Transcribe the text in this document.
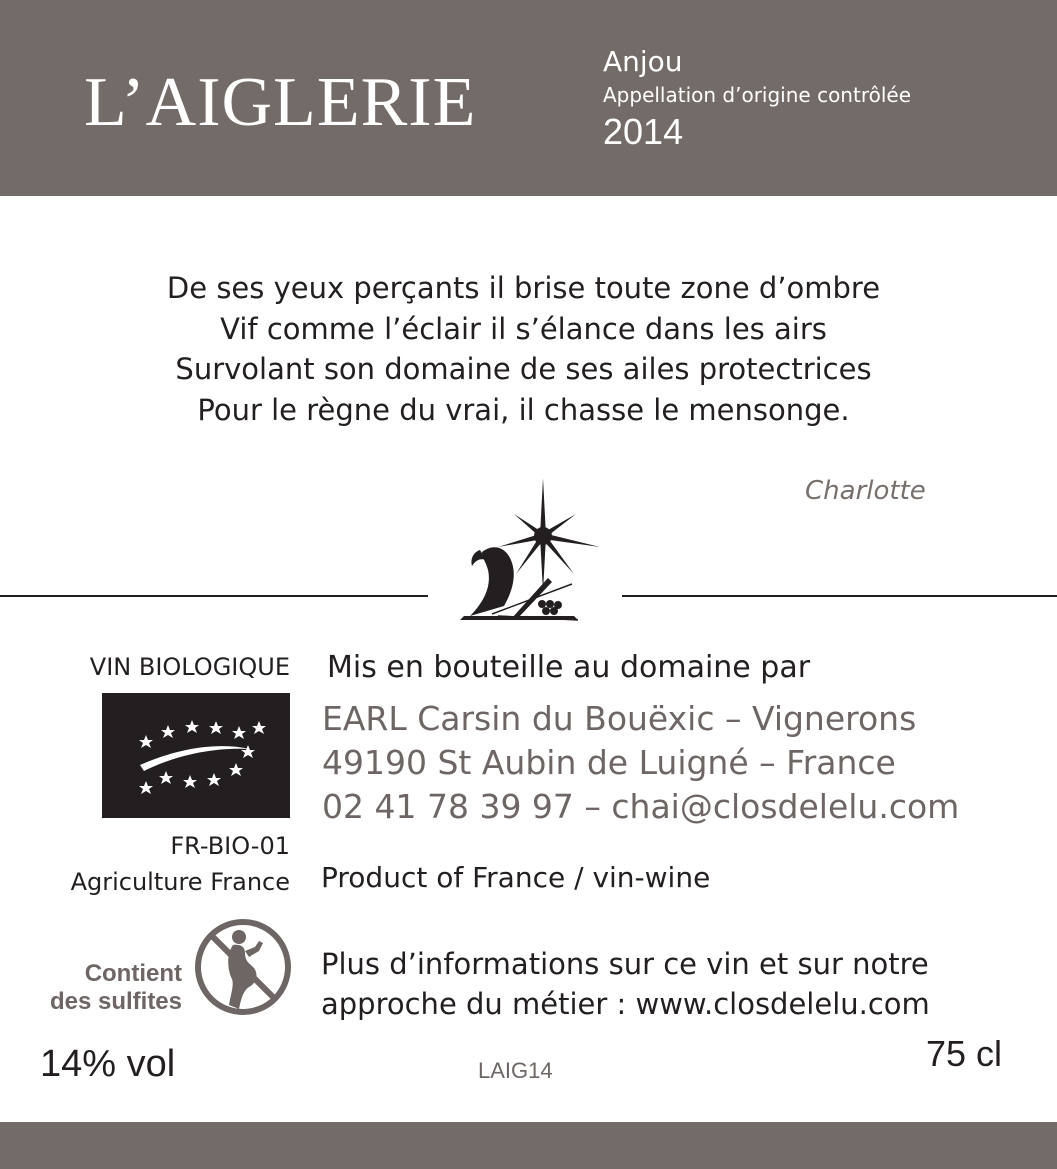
L’AIGLERIE
Anjou
Appellation d’origine contrôlée
2014
De ses yeux perçants il brise toute zone d’ombre
Vif comme l’éclair il s’élance dans les airs
Survolant son domaine de ses ailes protectrices
Pour le règne du vrai, il chasse le mensonge.
Charlotte
VIN BIOLOGIQUE
FR-BIO-01
Agriculture France
Contient
des sulfites
14% vol	LAIG14	75 cl
Mis en bouteille au domaine par
EARL Carsin du Bouëxic – Vignerons
49190 St Aubin de Luigné – France
02 41 78 39 97 – chai@closdelelu.com
Product of France / vin-wine
Plus d’informations sur ce vin et sur notre
approche du métier : www.closdelelu.com
